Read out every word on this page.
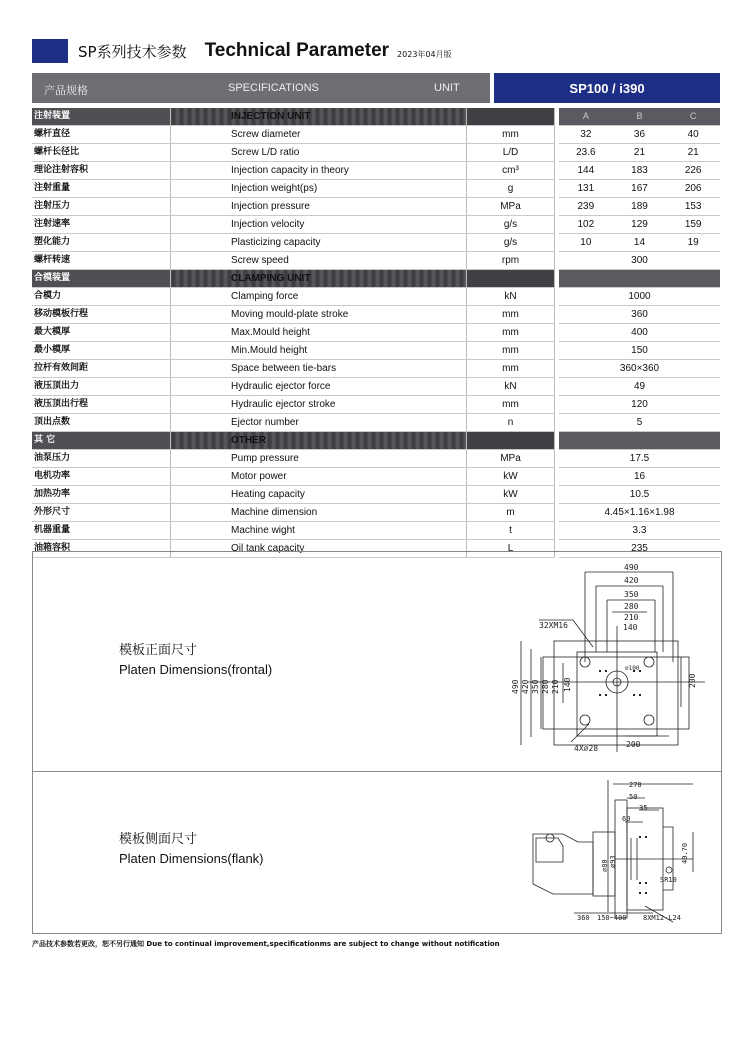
SP系列技术参数 Technical Parameter 2023年04月版
产品规格	SPECIFICATIONS	UNIT	SP100 / i390
注射装置	INJECTION UNIT			A	B	C
螺杆直径	Screw diameter	mm		32	36	40
螺杆长径比	Screw L/D ratio	L/D		23.6	21	21
理论注射容积	Injection capacity in theory	cm³		144	183	226
注射重量	Injection weight(ps)	g		131	167	206
注射压力	Injection pressure	MPa		239	189	153
注射速率	Injection velocity	g/s		102	129	159
塑化能力	Plasticizing capacity	g/s		10	14	19
螺杆转速	Screw speed	rpm		300		
合模装置	CLAMPING UNIT					
合模力	Clamping force	kN		1000		
移动模板行程	Moving mould-plate stroke	mm		360		
最大模厚	Max.Mould height	mm		400		
最小模厚	Min.Mould height	mm		150		
拉杆有效间距	Space between tie-bars	mm		360×360		
液压顶出力	Hydraulic ejector force	kN		49		
液压顶出行程	Hydraulic ejector stroke	mm		120		
顶出点数	Ejector number	n		5		
其 它	OTHER					
油泵压力	Pump pressure	MPa		17.5		
电机功率	Motor power	kW		16		
加热功率	Heating capacity	kW		10.5		
外形尺寸	Machine dimension	m		4.45×1.16×1.98		
机器重量	Machine wight	t		3.3		
油箱容积	Oil tank capacity	L		235		
模板正面尺寸
Platen Dimensions(frontal)
490
420
350
280
210
140
32XM16
∅100
4X∅28	200
200
490 420 350 280 210 140
模板侧面尺寸
Platen Dimensions(flank)
270
50
35
60
40.70
SR10
∅80 ∅93
360 150~400 8XM12-L24
产品技术参数若更改，恕不另行通知 Due to continual improvement,specificationms are subject to change without notification
